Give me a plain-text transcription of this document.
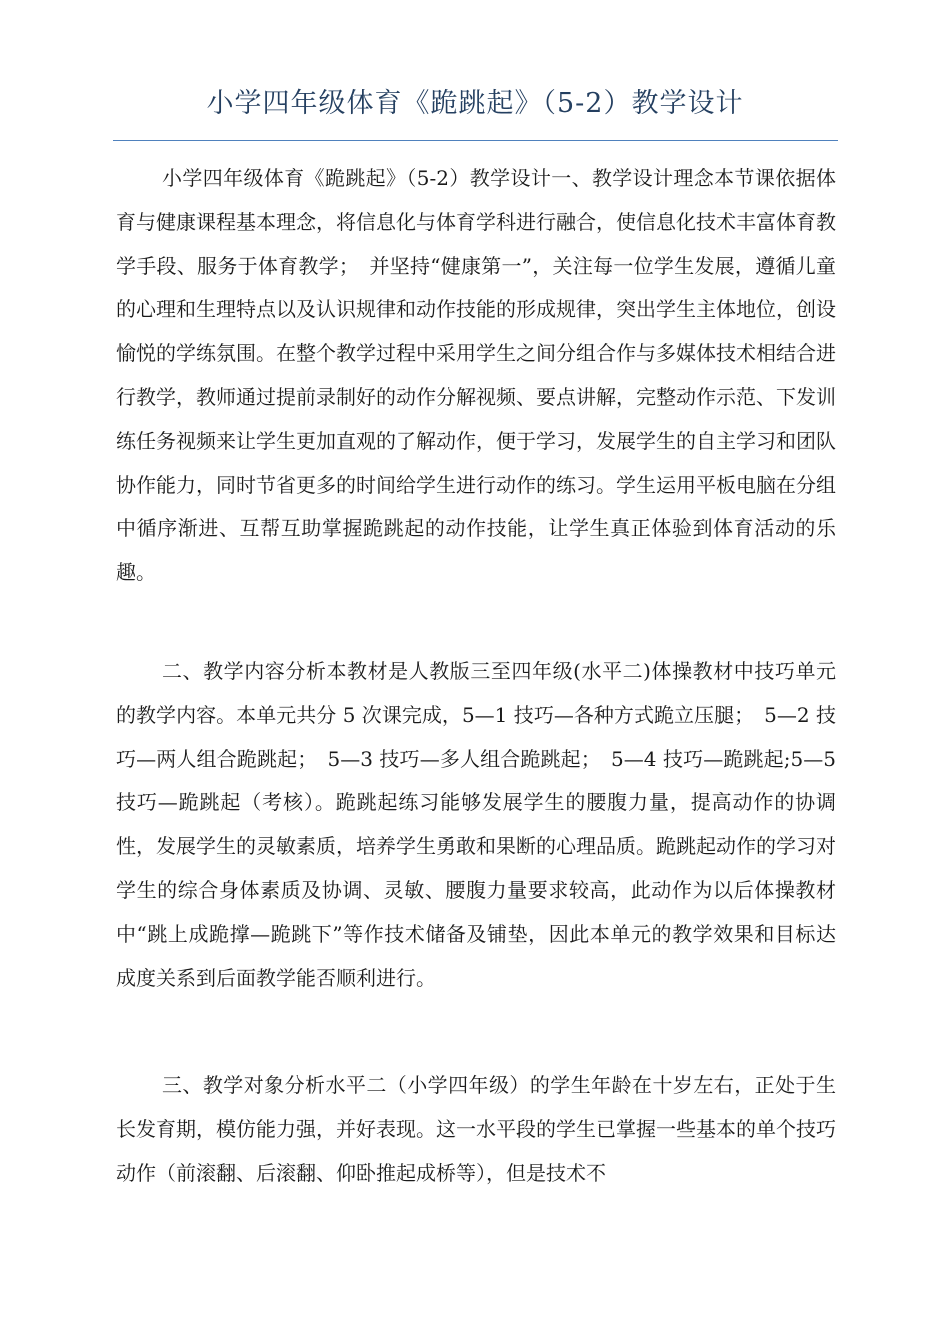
小学四年级体育《跪跳起》（5-2）教学设计

小学四年级体育《跪跳起》（5-2）教学设计一、教学设计理念本节课依据体育与健康课程基本理念，将信息化与体育学科进行融合，使信息化技术丰富体育教学手段、服务于体育教学；　并坚持“健康第一”，关注每一位学生发展，遵循儿童的心理和生理特点以及认识规律和动作技能的形成规律，突出学生主体地位，创设愉悦的学练氛围。在整个教学过程中采用学生之间分组合作与多媒体技术相结合进行教学，教师通过提前录制好的动作分解视频、要点讲解，完整动作示范、下发训练任务视频来让学生更加直观的了解动作，便于学习，发展学生的自主学习和团队协作能力，同时节省更多的时间给学生进行动作的练习。学生运用平板电脑在分组中循序渐进、互帮互助掌握跪跳起的动作技能，让学生真正体验到体育活动的乐趣。

二、教学内容分析本教材是人教版三至四年级(水平二)体操教材中技巧单元的教学内容。本单元共分 5 次课完成，5—1 技巧—各种方式跪立压腿；　5—2 技巧—两人组合跪跳起；　5—3 技巧—多人组合跪跳起；　5—4 技巧—跪跳起;5—5 技巧—跪跳起（考核）。跪跳起练习能够发展学生的腰腹力量，提高动作的协调性，发展学生的灵敏素质，培养学生勇敢和果断的心理品质。跪跳起动作的学习对学生的综合身体素质及协调、灵敏、腰腹力量要求较高，此动作为以后体操教材中“跳上成跪撑—跪跳下”等作技术储备及铺垫，因此本单元的教学效果和目标达成度关系到后面教学能否顺利进行。

三、教学对象分析水平二（小学四年级）的学生年龄在十岁左右，正处于生长发育期，模仿能力强，并好表现。这一水平段的学生已掌握一些基本的单个技巧动作（前滚翻、后滚翻、仰卧推起成桥等），但是技术不
